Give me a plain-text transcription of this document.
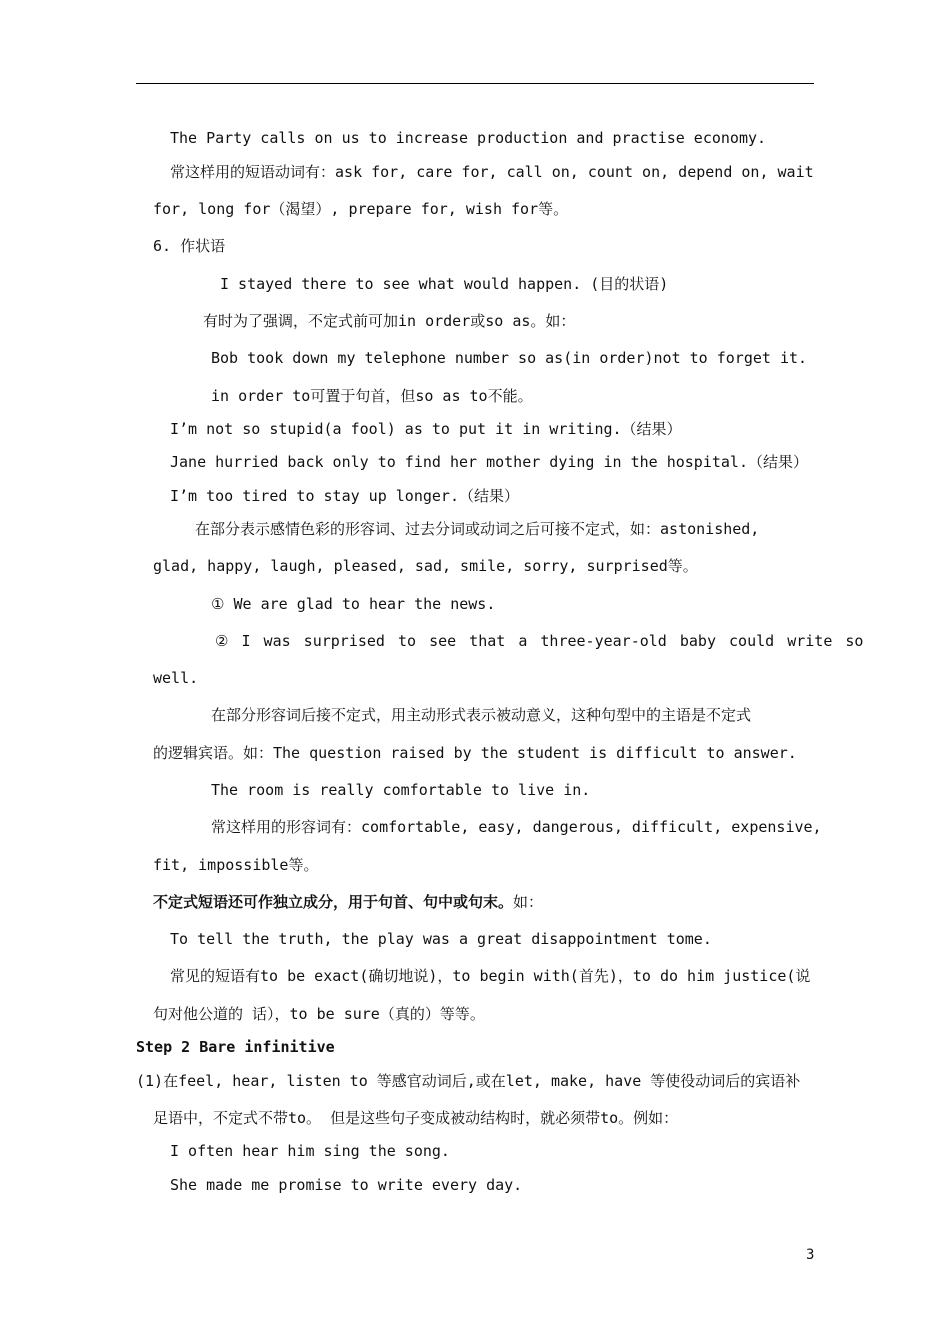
The Party calls on us to increase production and practise economy.
常这样用的短语动词有：ask for, care for, call on, count on, depend on, wait
for, long for（渴望）, prepare for, wish for等。
6. 作状语
I stayed there to see what would happen. (目的状语)
有时为了强调，不定式前可加in order或so as。如：
Bob took down my telephone number so as(in order)not to forget it.
in order to可置于句首，但so as to不能。
I’m not so stupid(a fool) as to put it in writing.（结果）
Jane hurried back only to find her mother dying in the hospital.（结果）
I’m too tired to stay up longer.（结果）
在部分表示感情色彩的形容词、过去分词或动词之后可接不定式，如：astonished,
glad, happy, laugh, pleased, sad, smile, sorry, surprised等。
① We are glad to hear the news.
② I was surprised to see that a three-year-old baby could write so
well.
在部分形容词后接不定式，用主动形式表示被动意义，这种句型中的主语是不定式
的逻辑宾语。如：The question raised by the student is difficult to answer.
The room is really comfortable to live in.
常这样用的形容词有：comfortable, easy, dangerous, difficult, expensive,
fit, impossible等。
不定式短语还可作独立成分，用于句首、句中或句末。如：
To tell the truth, the play was a great disappointment tome.
常见的短语有to be exact(确切地说)，to begin with(首先)，to do him justice(说
句对他公道的 话），to be sure（真的）等等。
Step 2 Bare infinitive
(1)在feel, hear, listen to 等感官动词后,或在let, make, have 等使役动词后的宾语补
足语中，不定式不带to。 但是这些句子变成被动结构时，就必须带to。例如：
I often hear him sing the song.
She made me promise to write every day.
3
